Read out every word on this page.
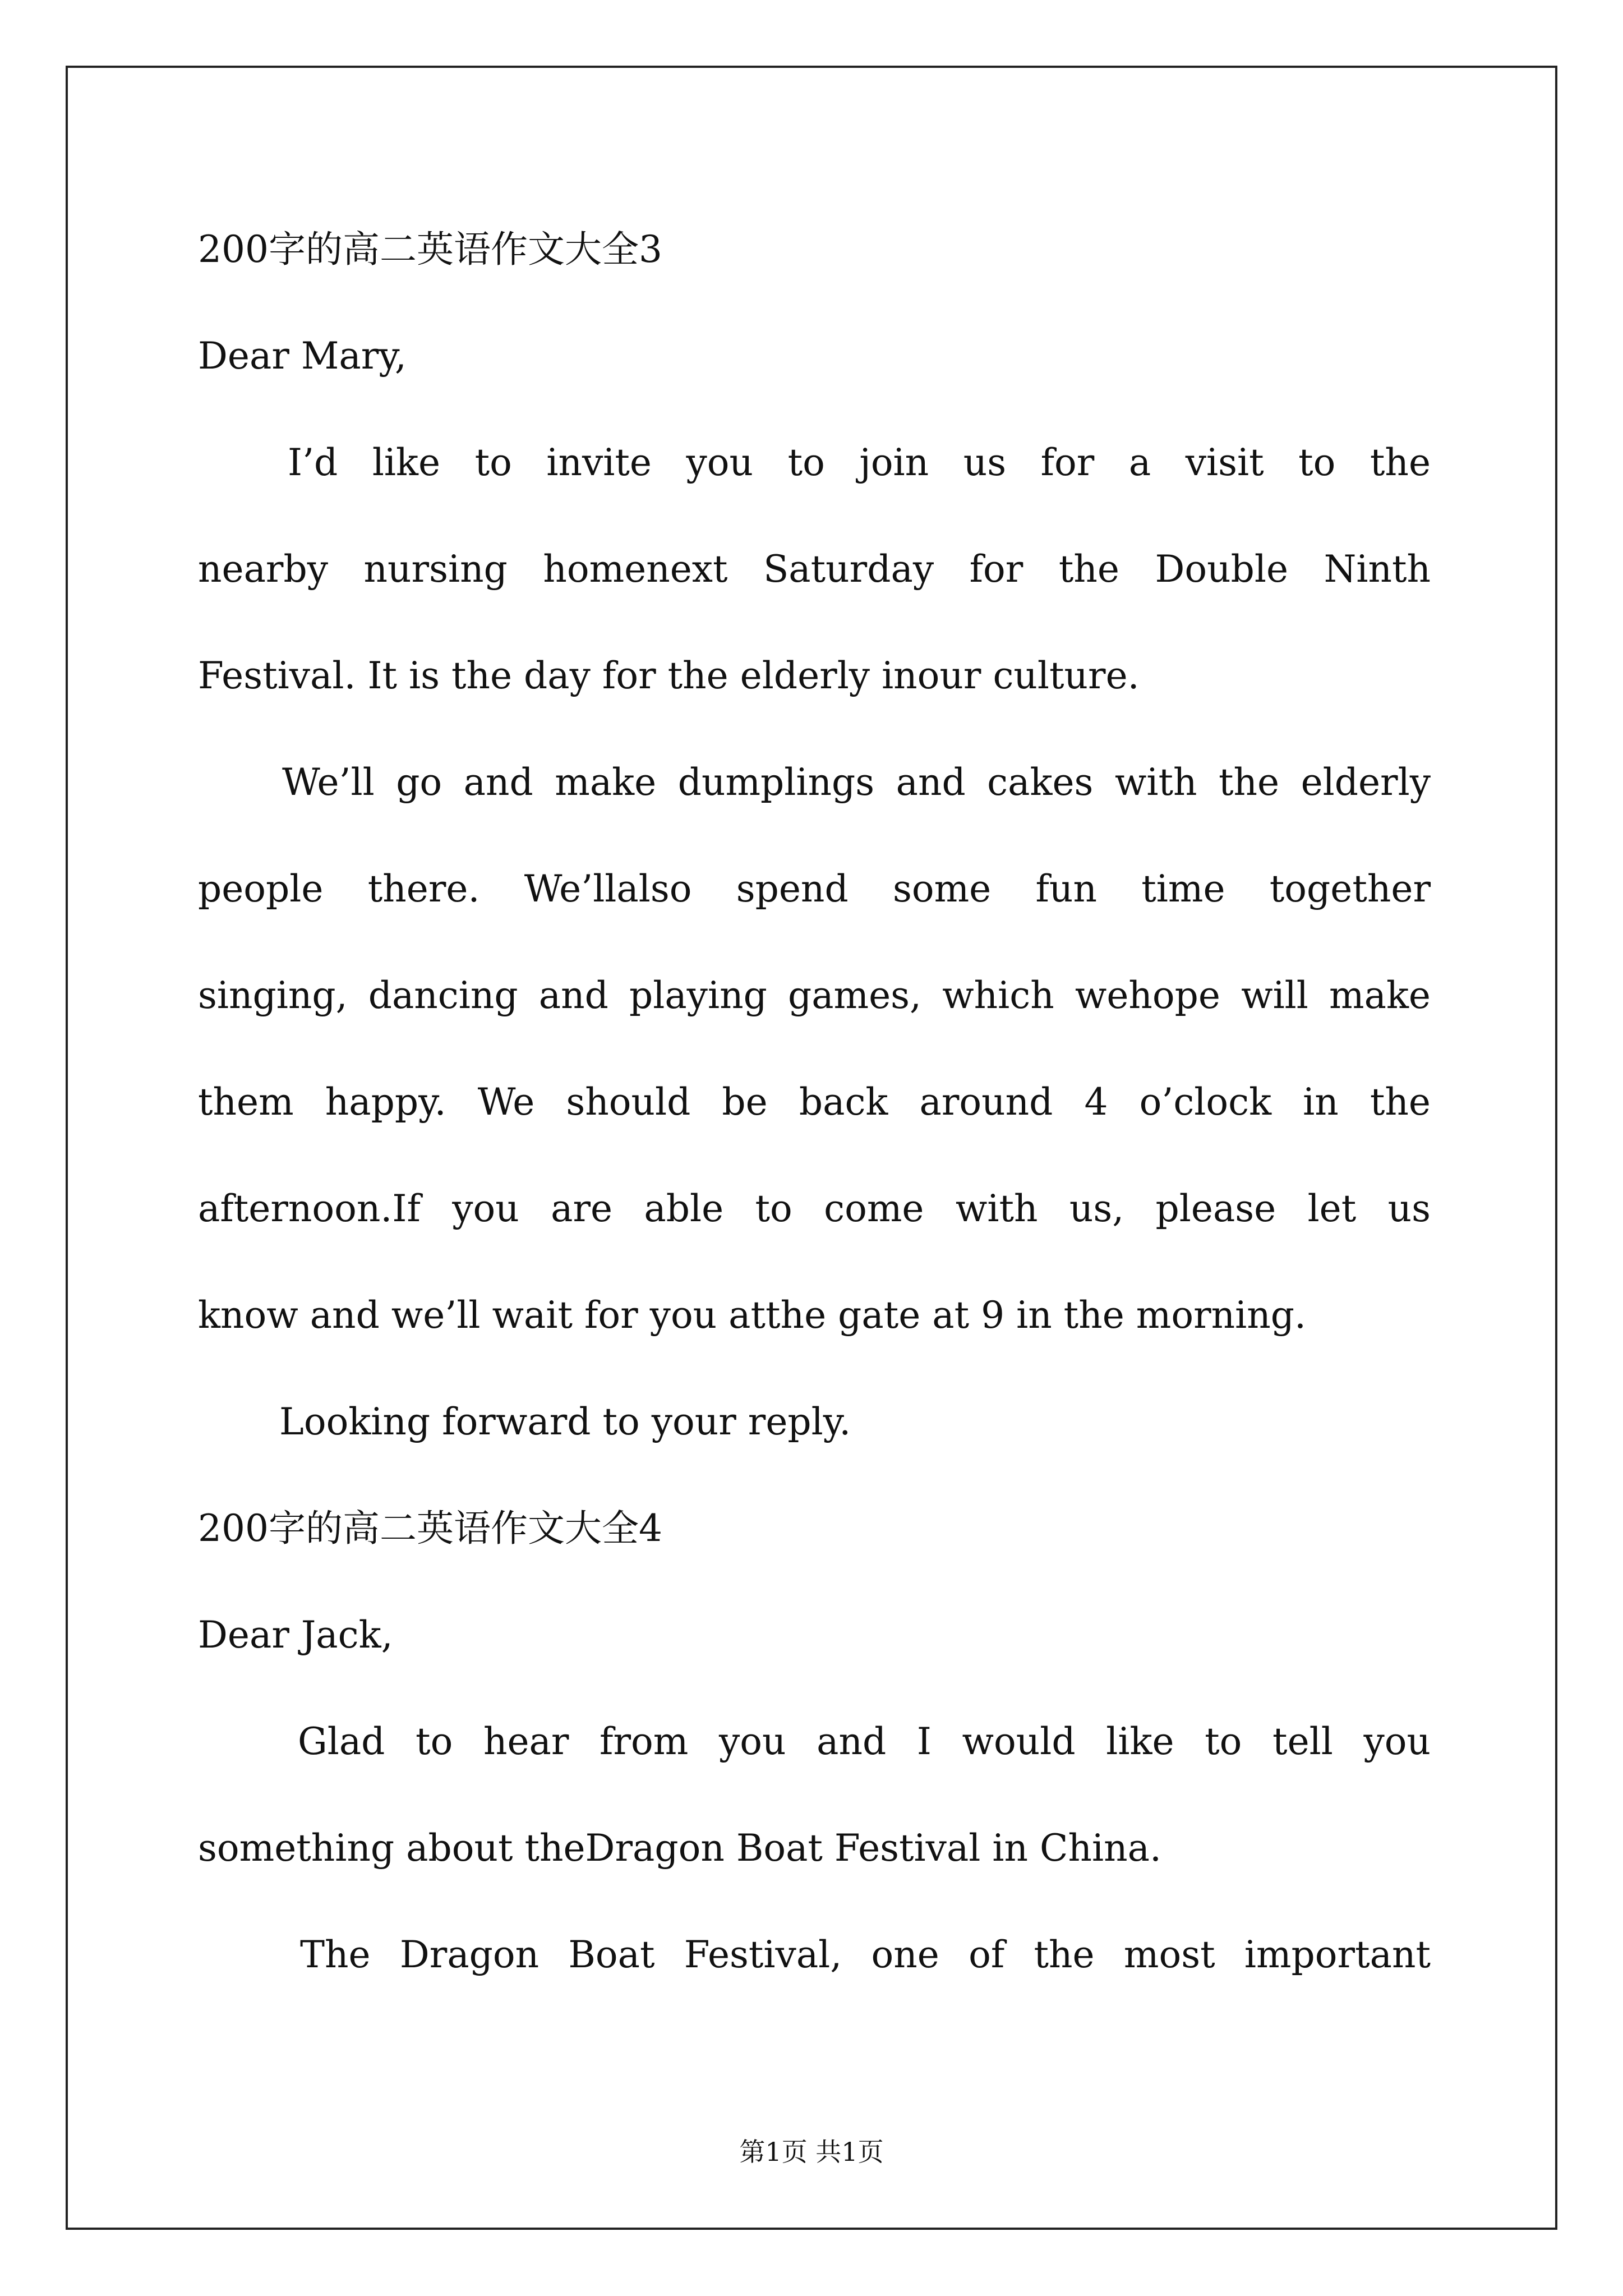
200字的高二英语作文大全3
Dear Mary,
I’d like to invite you to join us for a visit to the
nearby nursing homenext Saturday for the Double Ninth
Festival. It is the day for the elderly inour culture.
We’ll go and make dumplings and cakes with the elderly
people there. We’llalso spend some fun time together
singing, dancing and playing games, which wehope will make
them happy. We should be back around 4 o’clock in the
afternoon.If you are able to come with us, please let us
know and we’ll wait for you atthe gate at 9 in the morning.
Looking forward to your reply.
200字的高二英语作文大全4
Dear Jack,
Glad to hear from you and I would like to tell you
something about theDragon Boat Festival in China.
The Dragon Boat Festival, one of the most important
第1页 共1页
